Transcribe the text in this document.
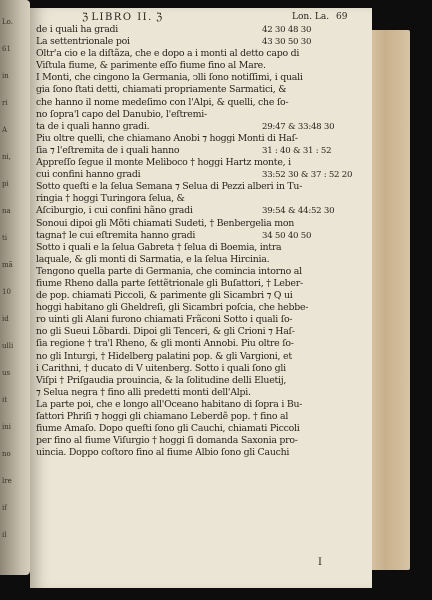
Lo.
61
in
ri
A
ni,
pi
na
ti
mã
10
id
ulli
us
it
ini
no
lre
if
il
ℨ LIBRO II. ℨ	Lon. La. 69
de i quali ha gradi	42 30 48 30
La settentrionale poi	43 30 50 30
Oltr'a cio e la diſtãza, che e dopo a i monti al detto capo di
Viſtula fiume, & parimente eſſo fiume fino al Mare.
I Monti, che cingono la Germania, ↄlli ſono notiſſimi, i quali
gia ſono ſtati detti, chiamati propriamente Sarmatici, &
che hanno il nome medeſimo con l'Alpi, & quelli, che ſo-
no ſopra'l capo del Danubio, l'eſtremi-
ta de i quali hanno gradi.	29:47 & 33:48 30
Piu oltre quelli, che chiamano Anobi ⁊ hoggi Monti di Haſ-
ſia ⁊ l'eſtremita de i quali hanno	31 : 40 & 31 : 52
Appreſſo ſegue il monte Meliboco † hoggi Hartz monte, i
cui confini hanno gradi	33:52 30 & 37 : 52 20
Sotto queſti e la ſelua Semana ⁊ Selua di Pezzi alberi in Tu-
ringia † hoggi Turingora ſelua, &
Aſciburgio, i cui confini hãno gradi	39:54 & 44:52 30
Sonoui dipoi gli Mõti chiamati Sudeti, † Benbergelia mon
tagna† le cui eſtremita hanno gradi	34 50 40 50
Sotto i quali e la ſelua Gabreta † ſelua di Boemia, intra
laquale, & gli monti di Sarmatia, e la ſelua Hircinia.
Tengono quella parte di Germania, che comincia intorno al
fiume Rheno dalla parte ſettẽtrionale gli Buſattori, † Leber-
de pop. chiamati Piccoli, & parimente gli Sicambri ⁊ Q ui
hoggi habitano gli Gheldreſi, gli Sicambri poſcia, che hebbe-
ro uinti gli Alani furono chiamati Frãconi Sotto i quali ſo-
no gli Sueui Lõbardi. Dipoi gli Tenceri, & gli Crioni ⁊ Haſ-
ſia regione † tra'l Rheno, & gli monti Annobi. Piu oltre ſo-
no gli Inturgi, † Hidelberg palatini pop. & gli Vargioni, et
i Carithni, † ducato di V uitenberg. Sotto i quali ſono gli
Viſpi † Priſgaudia prouincia, & la ſolitudine delli Eluetij,
⁊ Selua negra † fino alli predetti monti dell'Alpi.
La parte poi, che e longo all'Oceano habitano di ſopra i Bu-
ſattori Phriſi ⁊ hoggi gli chiamano Leberdẽ pop. † fino al
fiume Amaſo. Dopo queſti ſono gli Cauchi, chiamati Piccoli
per fino al fiume Viſurgio † hoggi ſi domanda Saxonia pro-
uincia. Doppo coſtoro fino al fiume Albio ſono gli Cauchi
I
